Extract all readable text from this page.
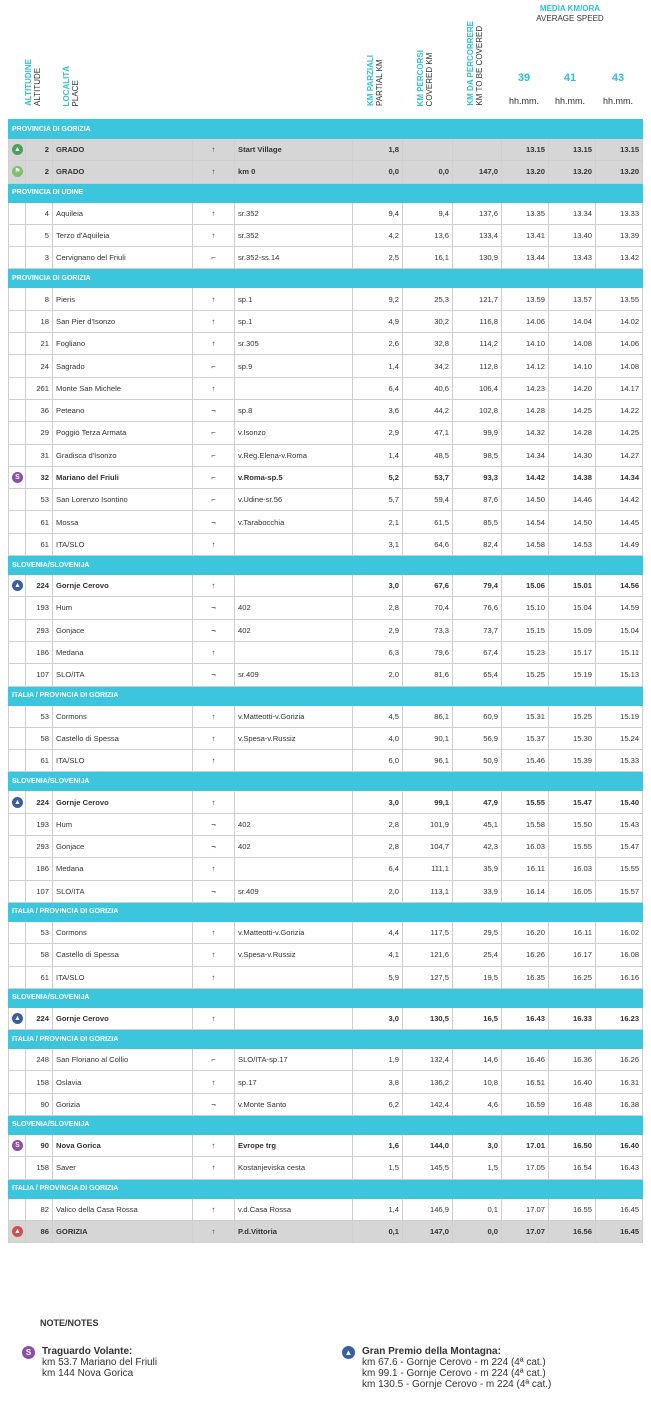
ALTITUDINE
ALTITUDE	LOCALITÀ
PLACE	KM PARZIALI
PARTIAL KM	KM PERCORSI
COVERED KM	KM DA PERCORRERE
KM TO BE COVERED
MEDIA KM/ORA
AVERAGE SPEED
39	41	43
hh.mm.	hh.mm.	hh.mm.
PROVINCIA DI GORIZIA										
▲	2	GRADO	↑	Start Village	1,8			13.15	13.15	13.15
⚑	2	GRADO	↑	km 0	0,0	0,0	147,0	13.20	13.20	13.20
PROVINCIA DI UDINE										
	4	Aquileia	↑	sr.352	9,4	9,4	137,6	13.35	13.34	13.33
	5	Terzo d'Aquileia	↑	sr.352	4,2	13,6	133,4	13.41	13.40	13.39
	3	Cervignano del Friuli	⌐	sr.352-ss.14	2,5	16,1	130,9	13.44	13.43	13.42
PROVINCIA DI GORIZIA										
	8	Pieris	↑	sp.1	9,2	25,3	121,7	13.59	13.57	13.55
	18	San Pier d'Isonzo	↑	sp.1	4,9	30,2	116,8	14.06	14.04	14.02
	21	Fogliano	↑	sr.305	2,6	32,8	114,2	14.10	14.08	14.06
	24	Sagrado	⌐	sp.9	1,4	34,2	112,8	14.12	14.10	14.08
	261	Monte San Michele	↑		6,4	40,6	106,4	14.23	14.20	14.17
	36	Peteano	¬	sp.8	3,6	44,2	102,8	14.28	14.25	14.22
	29	Poggio Terza Armata	⌐	v.Isonzo	2,9	47,1	99,9	14.32	14.28	14.25
	31	Gradisca d'Isonzo	⌐	v.Reg.Elena-v.Roma	1,4	48,5	98,5	14.34	14.30	14.27
S	32	Mariano del Friuli	⌐	v.Roma-sp.5	5,2	53,7	93,3	14.42	14.38	14.34
	53	San Lorenzo Isontino	⌐	v.Udine-sr.56	5,7	59,4	87,6	14.50	14.46	14.42
	61	Mossa	¬	v.Tarabocchia	2,1	61,5	85,5	14.54	14.50	14.45
	61	ITA/SLO	↑		3,1	64,6	82,4	14.58	14.53	14.49
SLOVENIA/SLOVENIJA										
▲	224	Gornje Cerovo	↑		3,0	67,6	79,4	15.06	15.01	14.56
	193	Hum	¬	402	2,8	70,4	76,6	15.10	15.04	14.59
	293	Gonjace	¬	402	2,9	73,3	73,7	15.15	15.09	15.04
	186	Medana	↑		6,3	79,6	67,4	15.23	15.17	15.11
	107	SLO/ITA	¬	sr.409	2,0	81,6	65,4	15.25	15.19	15.13
ITALIA / PROVINCIA DI GORIZIA										
	53	Cormons	↑	v.Matteotti-v.Gorizia	4,5	86,1	60,9	15.31	15.25	15.19
	58	Castello di Spessa	↑	v.Spesa-v.Russiz	4,0	90,1	56,9	15.37	15.30	15.24
	61	ITA/SLO	↑		6,0	96,1	50,9	15.46	15.39	15.33
SLOVENIA/SLOVENIJA										
▲	224	Gornje Cerovo	↑		3,0	99,1	47,9	15.55	15.47	15.40
	193	Hum	¬	402	2,8	101,9	45,1	15.58	15.50	15.43
	293	Gonjace	¬	402	2,8	104,7	42,3	16.03	15.55	15.47
	186	Medana	↑		6,4	111,1	35,9	16.11	16.03	15.55
	107	SLO/ITA	¬	sr.409	2,0	113,1	33,9	16.14	16.05	15.57
ITALIA / PROVINCIA DI GORIZIA										
	53	Cormons	↑	v.Matteotti-v.Gorizia	4,4	117,5	29,5	16.20	16.11	16.02
	58	Castello di Spessa	↑	v.Spesa-v.Russiz	4,1	121,6	25,4	16.26	16.17	16.08
	61	ITA/SLO	↑		5,9	127,5	19,5	16.35	16.25	16.16
SLOVENIA/SLOVENIJA										
▲	224	Gornje Cerovo	↑		3,0	130,5	16,5	16.43	16.33	16.23
ITALIA / PROVINCIA DI GORIZIA										
	248	San Floriano al Collio	⌐	SLO/ITA-sp.17	1,9	132,4	14,6	16.46	16.36	16.26
	158	Oslavia	↑	sp.17	3,8	136,2	10,8	16.51	16.40	16.31
	90	Gorizia	¬	v.Monte Santo	6,2	142,4	4,6	16.59	16.48	16.38
SLOVENIA/SLOVENIJA										
S	90	Nova Gorica	↑	Evrope trg	1,6	144,0	3,0	17.01	16.50	16.40
	158	Saver	↑	Kostanjeviska cesta	1,5	145,5	1,5	17.05	16.54	16.43
ITALIA / PROVINCIA DI GORIZIA										
	82	Valico della Casa Rossa	↑	v.d.Casa Rossa	1,4	146,9	0,1	17.07	16.55	16.45
▲	86	GORIZIA	↑	P.d.Vittoria	0,1	147,0	0,0	17.07	16.56	16.45
NOTE/NOTES
S	Traguardo Volante:
km 53.7 Mariano del Friuli
km 144 Nova Gorica
▲ Gran Premio della Montagna:
km 67.6 - Gornje Cerovo - m 224 (4ª cat.)
km 99.1 - Gornje Cerovo - m 224 (4ª cat.)
km 130.5 - Gornje Cerovo - m 224 (4ª cat.)
